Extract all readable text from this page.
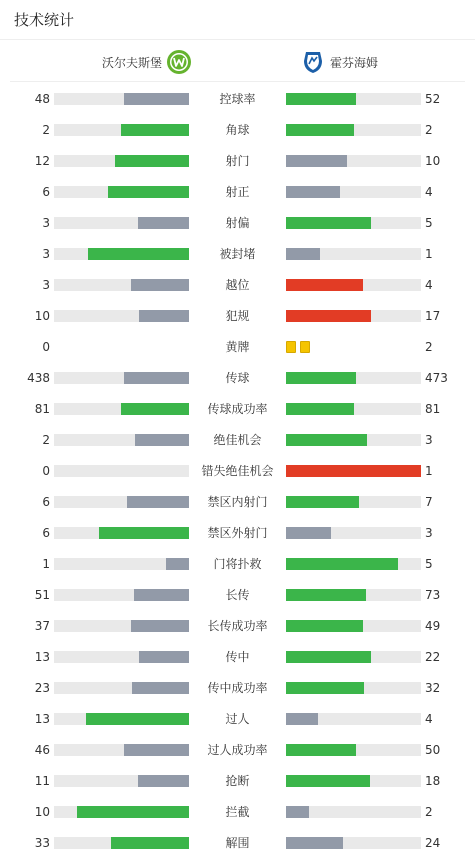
技术统计
沃尔夫斯堡	霍芬海姆
48	控球率	52
2	角球	2
12	射门	10
6	射正	4
3	射偏	5
3	被封堵	1
3	越位	4
10	犯规	17
0	黄牌	2
438	传球	473
81	传球成功率	81
2	绝佳机会	3
0	错失绝佳机会	1
6	禁区内射门	7
6	禁区外射门	3
1	门将扑救	5
51	长传	73
37	长传成功率	49
13	传中	22
23	传中成功率	32
13	过人	4
46	过人成功率	50
11	抢断	18
10	拦截	2
33	解围	24
